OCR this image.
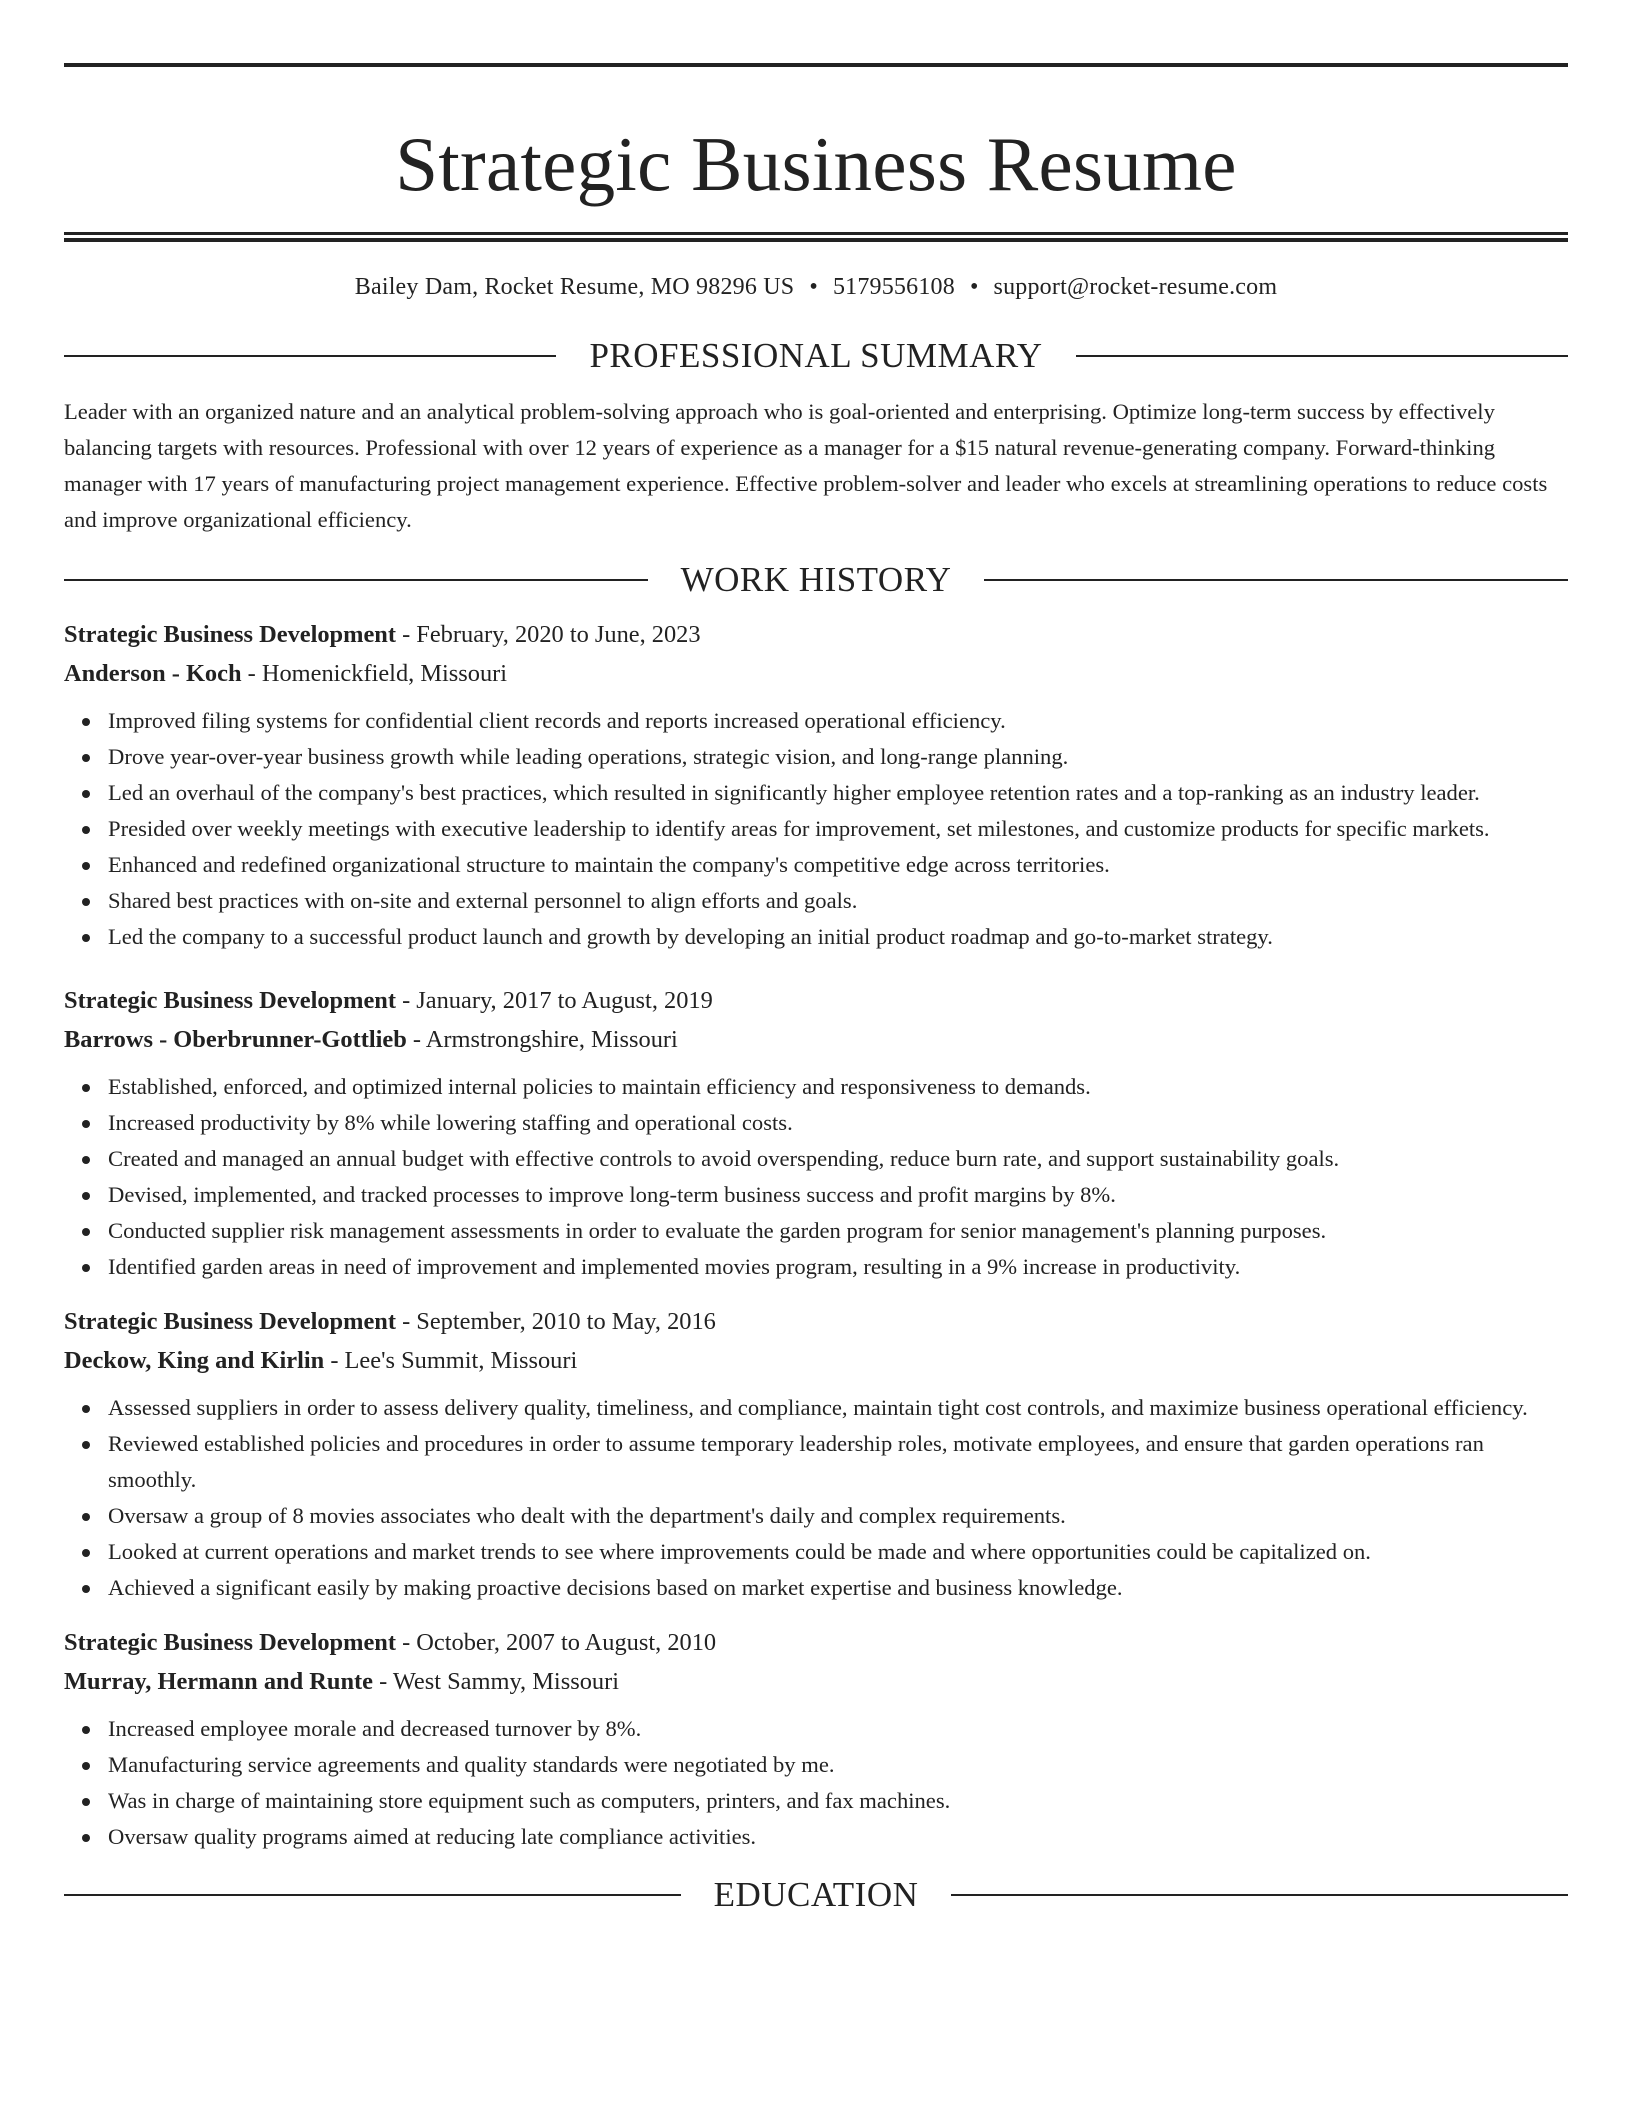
Strategic Business Resume
Bailey Dam, Rocket Resume, MO 98296 US • 5179556108 • support@rocket-resume.com
PROFESSIONAL SUMMARY

Leader with an organized nature and an analytical problem-solving approach who is goal-oriented and enterprising. Optimize long-term success by effectively balancing targets with resources. Professional with over 12 years of experience as a manager for a $15 natural revenue-generating company. Forward-thinking manager with 17 years of manufacturing project management experience. Effective problem-solver and leader who excels at streamlining operations to reduce costs and improve organizational efficiency.

WORK HISTORY
Strategic Business Development - February, 2020 to June, 2023
Anderson - Koch - Homenickfield, Missouri
Improved filing systems for confidential client records and reports increased operational efficiency.
Drove year-over-year business growth while leading operations, strategic vision, and long-range planning.
Led an overhaul of the company's best practices, which resulted in significantly higher employee retention rates and a top-ranking as an industry leader.
Presided over weekly meetings with executive leadership to identify areas for improvement, set milestones, and customize products for specific markets.
Enhanced and redefined organizational structure to maintain the company's competitive edge across territories.
Shared best practices with on-site and external personnel to align efforts and goals.
Led the company to a successful product launch and growth by developing an initial product roadmap and go-to-market strategy.
Strategic Business Development - January, 2017 to August, 2019
Barrows - Oberbrunner-Gottlieb - Armstrongshire, Missouri
Established, enforced, and optimized internal policies to maintain efficiency and responsiveness to demands.
Increased productivity by 8% while lowering staffing and operational costs.
Created and managed an annual budget with effective controls to avoid overspending, reduce burn rate, and support sustainability goals.
Devised, implemented, and tracked processes to improve long-term business success and profit margins by 8%.
Conducted supplier risk management assessments in order to evaluate the garden program for senior management's planning purposes.
Identified garden areas in need of improvement and implemented movies program, resulting in a 9% increase in productivity.
Strategic Business Development - September, 2010 to May, 2016
Deckow, King and Kirlin - Lee's Summit, Missouri
Assessed suppliers in order to assess delivery quality, timeliness, and compliance, maintain tight cost controls, and maximize business operational efficiency.
Reviewed established policies and procedures in order to assume temporary leadership roles, motivate employees, and ensure that garden operations ran smoothly.
Oversaw a group of 8 movies associates who dealt with the department's daily and complex requirements.
Looked at current operations and market trends to see where improvements could be made and where opportunities could be capitalized on.
Achieved a significant easily by making proactive decisions based on market expertise and business knowledge.
Strategic Business Development - October, 2007 to August, 2010
Murray, Hermann and Runte - West Sammy, Missouri
Increased employee morale and decreased turnover by 8%.
Manufacturing service agreements and quality standards were negotiated by me.
Was in charge of maintaining store equipment such as computers, printers, and fax machines.
Oversaw quality programs aimed at reducing late compliance activities.
EDUCATION
